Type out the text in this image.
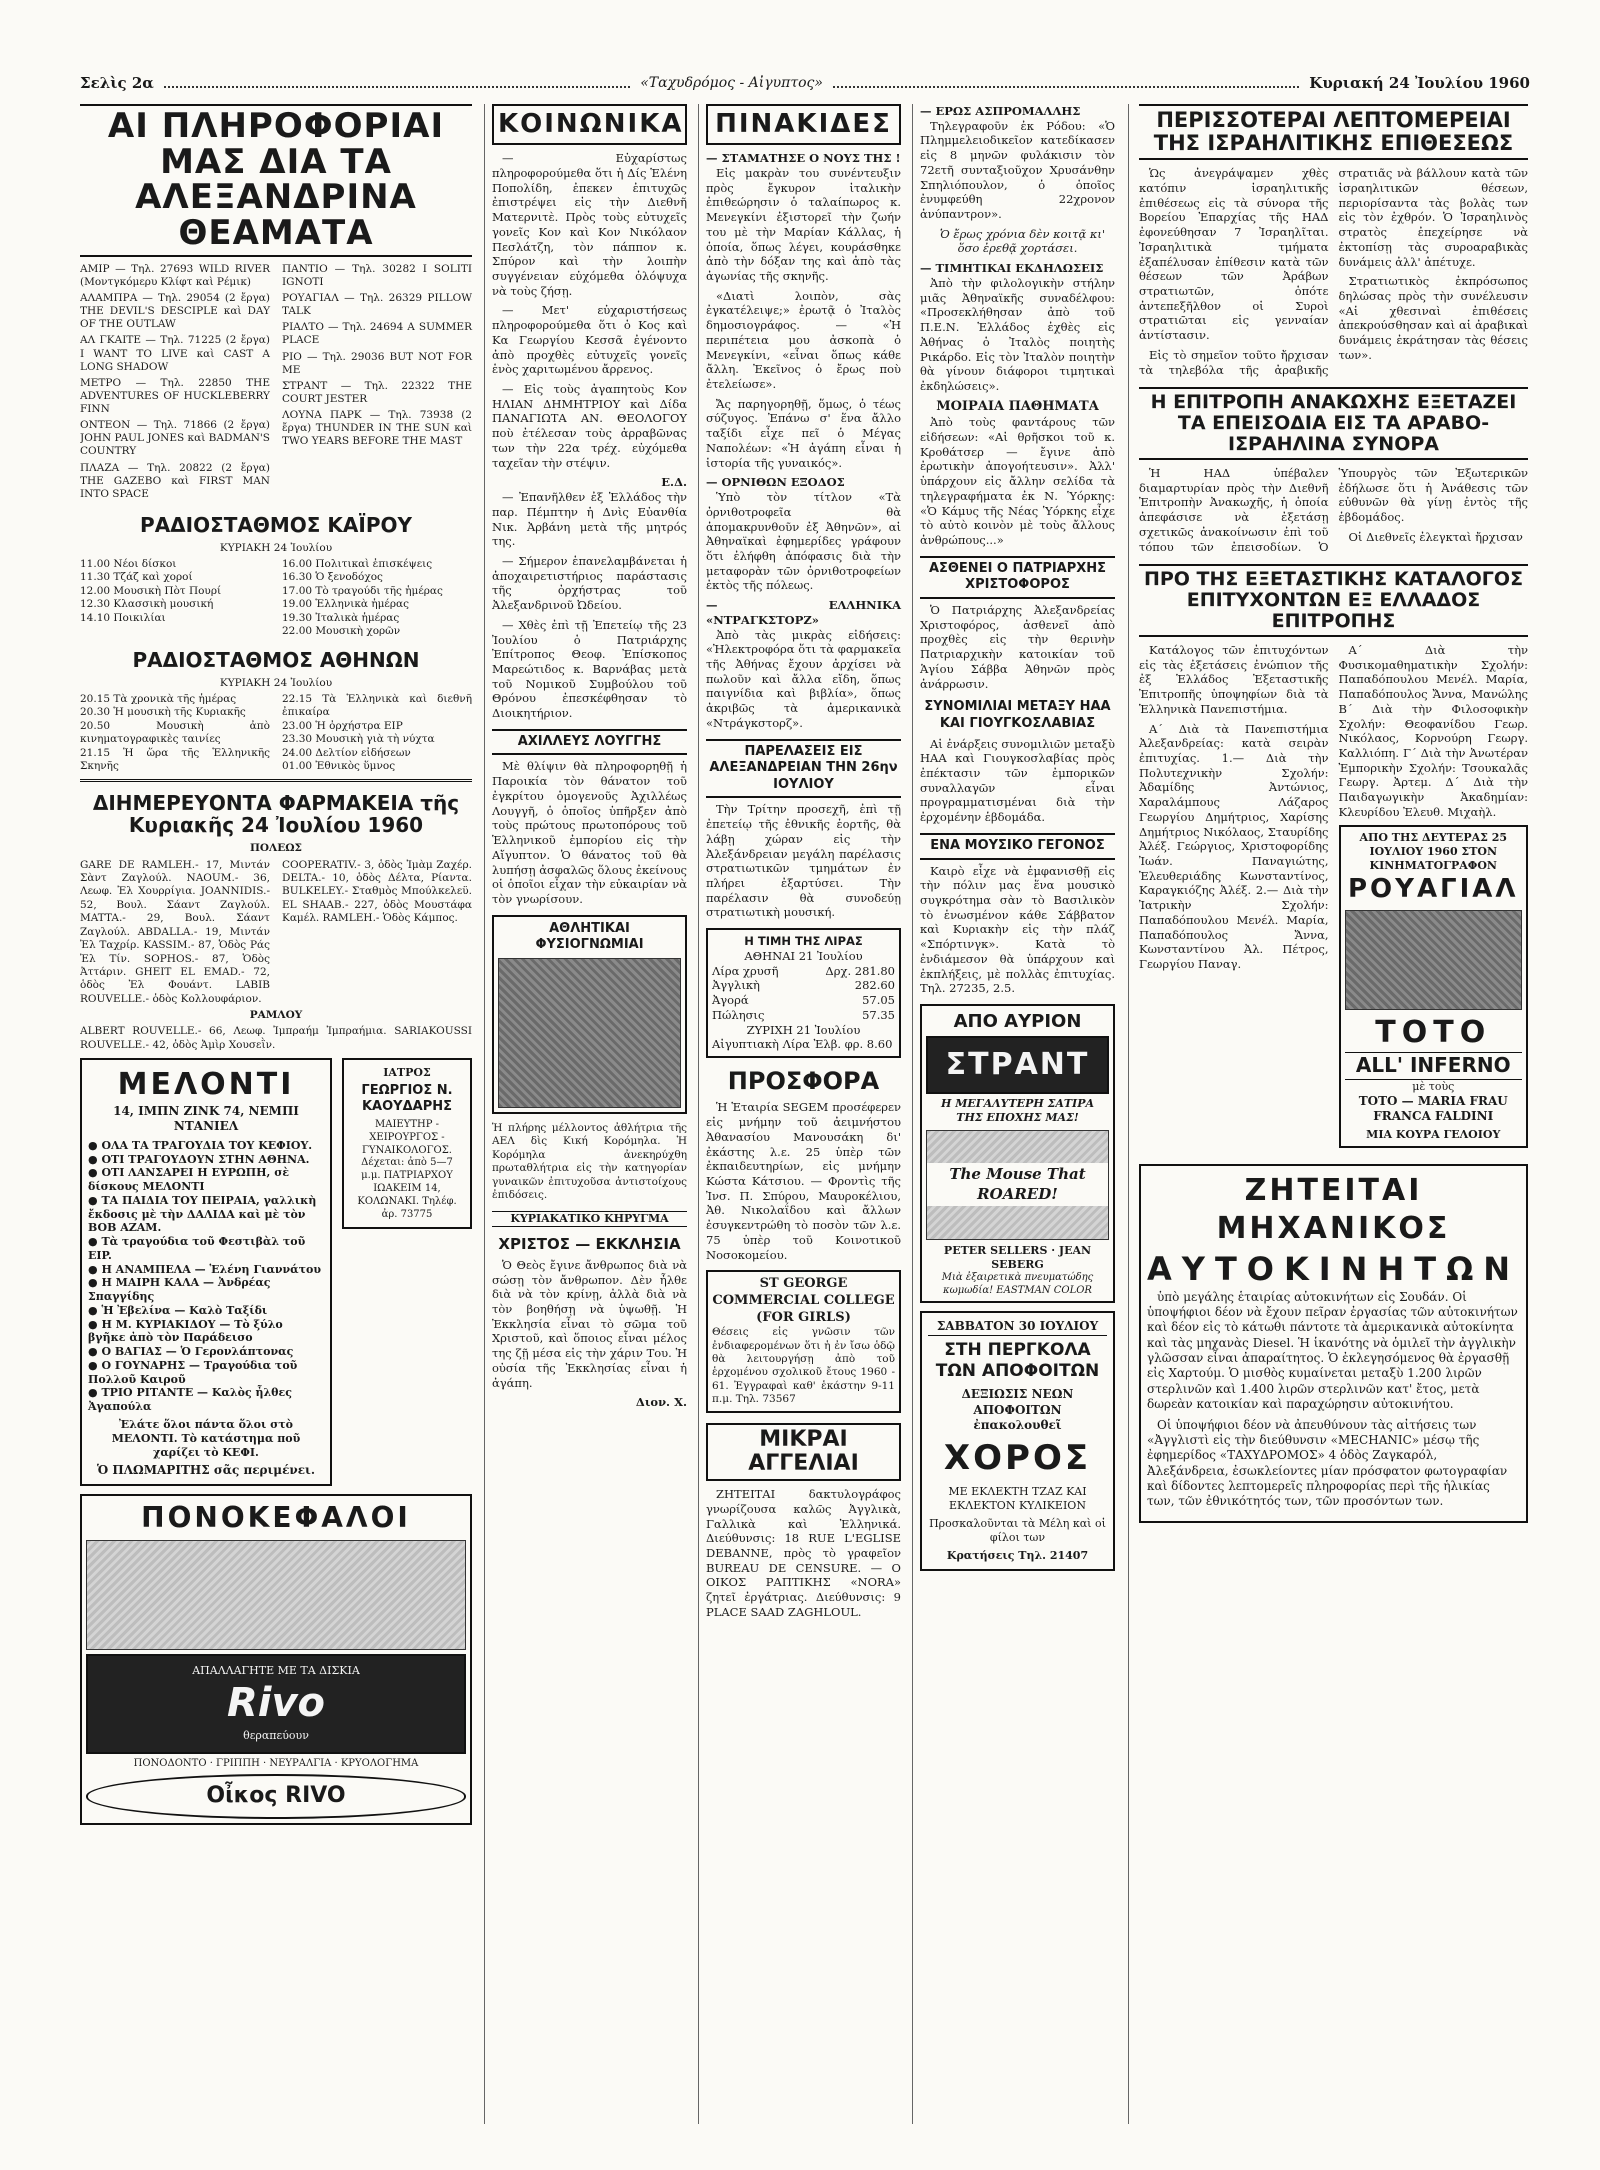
Σελὶς 2α	«Ταχυδρόμος - Αἰγυπτος»	Κυριακή 24 Ἰουλίου 1960
ΑΙ ΠΛΗΡΟΦΟΡΙΑΙ ΜΑΣ ΔΙΑ ΤΑ ΑΛΕΞΑΝΔΡΙΝΑ ΘΕΑΜΑΤΑ
ΑΜΙΡ — Τηλ. 27693 WILD RIVER (Μοντγκόμερυ Κλίφτ καὶ Ρέμικ)
ΑΛΑΜΠΡΑ — Τηλ. 29054 (2 ἔργα) THE DEVIL'S DESCIPLE καὶ DAY OF THE OUTLAW
ΑΛ ΓΚΑΙΤΕ — Τηλ. 71225 (2 ἔργα) I WANT TO LIVE καὶ CAST A LONG SHADOW
ΜΕΤΡΟ — Τηλ. 22850 THE ADVENTURES OF HUCKLEBERRY FINN
ΟΝΤΕΟΝ — Τηλ. 71866 (2 ἔργα) JOHN PAUL JONES καὶ BADMAN'S COUNTRY
ΠΛΑΖΑ — Τηλ. 20822 (2 ἔργα) THE GAZEBO καὶ FIRST MAN INTO SPACE
ΠΑΝΤΙΟ — Τηλ. 30282 I SOLITI IGNOTI
ΡΟΥΑΓΙΑΛ — Τηλ. 26329 PILLOW TALK
ΡΙΑΛΤΟ — Τηλ. 24694 A SUMMER PLACE
ΡΙΟ — Τηλ. 29036 BUT NOT FOR ME
ΣΤΡΑΝΤ — Τηλ. 22322 THE COURT JESTER
ΛΟΥΝΑ ΠΑΡΚ — Τηλ. 73938 (2 ἔργα) THUNDER IN THE SUN καὶ TWO YEARS BEFORE THE MAST
ΡΑΔΙΟΣΤΑΘΜΟΣ ΚΑΪΡΟΥ
ΚΥΡΙΑΚΗ 24 Ἰουλίου
11.00 Νέοι δίσκοι
11.30 Τζάζ καὶ χοροί
12.00 Μουσικὴ Πὸτ Πουρί
12.30 Κλασσικὴ μουσική
14.10 Ποικιλίαι
16.00 Πολιτικαὶ ἐπισκέψεις
16.30 Ὁ ξενοδόχος
17.00 Τὸ τραγούδι τῆς ἡμέρας
19.00 Ἑλληνικὰ ἡμέρας
19.30 Ἰταλικὰ ἡμέρας
22.00 Μουσικὴ χορῶν
ΡΑΔΙΟΣΤΑΘΜΟΣ ΑΘΗΝΩΝ
ΚΥΡΙΑΚΗ 24 Ἰουλίου
20.15 Τὰ χρονικὰ τῆς ἡμέρας
20.30 Ἡ μουσικὴ τῆς Κυριακῆς
20.50 Μουσικὴ ἀπὸ κινηματογραφικὲς ταινίες
21.15 Ἡ ὥρα τῆς Ἑλληνικῆς Σκηνῆς
22.15 Τὰ Ἑλληνικὰ καὶ διεθνῆ ἐπικαίρα
23.00 Ἡ ὀρχήστρα EIP
23.30 Μουσικὴ γιὰ τὴ νύχτα
24.00 Δελτίον εἰδήσεων
01.00 Ἐθνικὸς ὕμνος
ΔΙΗΜΕΡΕΥΟΝΤΑ ΦΑΡΜΑΚΕΙΑ τῆς Κυριακῆς 24 Ἰουλίου 1960
ΠΟΛΕΩΣ
GARE DE RAMLEH.- 17, Μιντάν Σὰντ Ζαγλούλ. NAOUM.- 36, Λεωφ. Ἐλ Χουρρίγια. JOANNIDIS.- 52, Βουλ. Σάαντ Ζαγλούλ. MATTA.- 29, Βουλ. Σάαντ Ζαγλούλ. ABDALLA.- 19, Μιντάν Ἐλ Ταχρίρ. KASSIM.- 87, Ὁδὸς Ράς Ἐλ Τίν. SOPHOS.- 87, Ὁδὸς Ἀττάριν. GHEIT EL EMAD.- 72, ὁδὸς Ἐλ Φουάντ. LABIB ROUVELLE.- ὁδὸς Κολλουφάριον.
COOPERATIV.- 3, ὁδὸς Ἰμὰμ Ζαχέρ. DELTA.- 10, ὁδὸς Δέλτα, Ρίαντα. BULKELEY.- Σταθμὸς Μπούλκελεϋ. EL SHAAB.- 227, ὁδὸς Μουστάφα Καμέλ. RAMLEH.- Ὁδὸς Κάμπος.
ΡΑΜΛΟΥ
ALBERT ROUVELLE.- 66, Λεωφ. Ἰμπραήμ Ἰμπραήμια. SARIAKOUSSI ROUVELLE.- 42, ὁδὸς Ἀμὶρ Χουσεῒν.
ΜΕΛΟΝΤΙ
14, ΙΜΠΝ ΖΙΝΚ 74, ΝΕΜΠΙ ΝΤΑΝΙΕΛ
● ΟΛΑ ΤΑ ΤΡΑΓΟΥΔΙΑ ΤΟΥ ΚΕΦΙΟΥ.
● ΟΤΙ ΤΡΑΓΟΥΔΟΥΝ ΣΤΗΝ ΑΘΗΝΑ.
● ΟΤΙ ΛΑΝΣΑΡΕΙ Η ΕΥΡΩΠΗ, σὲ δίσκους ΜΕΛΟΝΤΙ
● ΤΑ ΠΑΙΔΙΑ ΤΟΥ ΠΕΙΡΑΙΑ, γαλλικὴ ἔκδοσις μὲ τὴν ΔΑΛΙΔΑ καὶ μὲ τὸν BOB AZAM.
● Τὰ τραγούδια τοῦ Φεστιβὰλ τοῦ EIP.
● Η ΑΝΑΜΠΕΛΑ — Ἑλένη Γιαννάτου
● Η ΜΑΙΡΗ ΚΑΛΑ — Ἀνδρέας Σπαγγίδης
● Ἡ Ἐβελίνα — Καλὸ Ταξίδι
● Η Μ. ΚΥΡΙΑΚΙΔΟΥ — Τὸ ξύλο βγῆκε ἀπὸ τὸν Παράδεισο
● Ο ΒΑΓΙΑΣ — Ὁ Γερονλάπτονας
● Ο ΓΟΥΝΑΡΗΣ — Τραγούδια τοῦ Πολλοῦ Καιροῦ
● ΤΡΙΟ ΡΙΤΑΝΤΕ — Καλὸς ἦλθες Ἀγαπούλα
Ἐλάτε ὅλοι πάντα ὅλοι στὸ ΜΕΛΟΝΤΙ. Τὸ κατάστημα ποῦ χαρίζει τὸ ΚΕΦΙ.
Ὁ ΠΛΩΜΑΡΙΤΗΣ σᾶς περιμένει.
ΙΑΤΡΟΣ
ΓΕΩΡΓΙΟΣ Ν. ΚΑΟΥΔΑΡΗΣ
ΜΑΙΕΥΤΗΡ - ΧΕΙΡΟΥΡΓΟΣ - ΓΥΝΑΙΚΟΛΟΓΟΣ. Δέχεται: ἀπὸ 5—7 μ.μ. ΠΑΤΡΙΑΡΧΟΥ ΙΩΑΚΕΙΜ 14, ΚΟΛΩΝΑΚΙ. Τηλέφ. ἀρ. 73775
ΠΟΝΟΚΕΦΑΛΟΙ
ΑΠΑΛΛΑΓΗΤΕ ΜΕ ΤΑ ΔΙΣΚΙΑ
Rivo
θεραπεύουν
ΠΟΝΟΔΟΝΤΟ · ΓΡΙΠΠΗ · ΝΕΥΡΑΛΓΙΑ · ΚΡΥΟΛΟΓΗΜΑ
Οἶκος RIVO
ΚΟΙΝΩΝΙΚΑ

— Εὐχαρίστως πληροφορούμεθα ὅτι ἡ Δίς Ἑλένη Ποπολίδη, ἐπεκεν ἐπιτυχῶς ἐπιστρέψει εἰς τὴν Διεθνῆ Ματερνιτὲ. Πρὸς τοὺς εὐτυχεῖς γονεῖς Κον καὶ Κον Νικόλαον Πεσλάτζη, τὸν πάππον κ. Σπύρον καὶ τὴν λοιπὴν συγγένειαν εὐχόμεθα ὁλόψυχα νὰ τοὺς ζήσῃ.

— Μετ' εὐχαριστήσεως πληροφορούμεθα ὅτι ὁ Κος καὶ Κα Γεωργίου Κεσσᾶ ἐγένοντο ἀπὸ προχθὲς εὐτυχεῖς γονεῖς ἑνὸς χαριτωμένου ἄρρενος.

— Εἰς τοὺς ἀγαπητοὺς Κον ΗΛΙΑΝ ΔΗΜΗΤΡΙΟΥ καὶ Δίδα ΠΑΝΑΓΙΩΤΑ ΑΝ. ΘΕΟΛΟΓΟΥ ποὺ ἐτέλεσαν τοὺς ἀρραβῶνας των τὴν 22α τρέχ. εὐχόμεθα ταχεῖαν τὴν στέψιν.

Ε.Δ.

— Ἐπανῆλθεν ἐξ Ἑλλάδος τὴν παρ. Πέμπτην ἡ Δνὶς Εὐανθία Νικ. Ἀρβάνη μετὰ τῆς μητρός της.

— Σήμερον ἑπανελαμβάνεται ἡ ἀποχαιρετιστήριος παράστασις τῆς ὀρχήστρας τοῦ Ἀλεξανδρινοῦ Ὠδείου.

— Χθὲς ἐπὶ τῇ Ἐπετείῳ τῆς 23 Ἰουλίου ὁ Πατριάρχης Ἐπίτροπος Θεοφ. Ἐπίσκοπος Μαρεώτιδος κ. Βαρνάβας μετὰ τοῦ Νομικοῦ Συμβούλου τοῦ Θρόνου ἐπεσκέφθησαν τὸ Διοικητήριον.

ΑΧΙΛΛΕΥΣ ΛΟΥΓΓΗΣ

Μὲ θλίψιν θὰ πληροφορηθῇ ἡ Παροικία τὸν θάνατον τοῦ ἐγκρίτου ὁμογενοῦς Ἀχιλλέως Λουγγῆ, ὁ ὁποῖος ὑπῆρξεν ἀπὸ τοὺς πρώτους πρωτοπόρους τοῦ Ἑλληνικοῦ ἐμπορίου εἰς τὴν Αἴγυπτον. Ὁ θάνατος τοῦ θὰ λυπήσῃ ἀσφαλῶς ὅλους ἐκείνους οἱ ὁποῖοι εἶχαν τὴν εὐκαιρίαν νὰ τὸν γνωρίσουν.

ΑΘΛΗΤΙΚΑΙ ΦΥΣΙΟΓΝΩΜΙΑΙ
Ἡ πλήρης μέλλοντος ἀθλήτρια τῆς ΑΕΛ δὶς Κική Κορόμηλα. Ἡ Κορόμηλα ἀνεκηρύχθη πρωταθλήτρια εἰς τὴν κατηγορίαν γυναικῶν ἐπιτυχοῦσα ἀντιστοίχους ἐπιδόσεις.
ΚΥΡΙΑΚΑΤΙΚΟ ΚΗΡΥΓΜΑ
ΧΡΙΣΤΟΣ — ΕΚΚΛΗΣΙΑ

Ὁ Θεὸς ἔγινε ἄνθρωπος διὰ νὰ σώσῃ τὸν ἄνθρωπον. Δὲν ἦλθε διὰ νὰ τὸν κρίνῃ, ἀλλὰ διὰ νὰ τὸν βοηθήσῃ νὰ ὑψωθῇ. Ἡ Ἐκκλησία εἶναι τὸ σῶμα τοῦ Χριστοῦ, καὶ ὅποιος εἶναι μέλος της ζῇ μέσα εἰς τὴν χάριν Του. Ἡ οὐσία τῆς Ἐκκλησίας εἶναι ἡ ἀγάπη.

Διον. Χ.
ΠΙΝΑΚΙΔΕΣ
— ΣΤΑΜΑΤΗΣΕ Ο ΝΟΥΣ ΤΗΣ !

Εἰς μακρὰν του συνέντευξιν πρὸς ἔγκυρον ἰταλικὴν ἐπιθεώρησιν ὁ ταλαίπωρος κ. Μενεγκίνι ἐξιστορεῖ τὴν ζωήν του μὲ τὴν Μαρίαν Κάλλας, ἡ ὁποία, ὅπως λέγει, κουράσθηκε ἀπὸ τὴν δόξαν της καὶ ἀπὸ τὰς ἀγωνίας τῆς σκηνῆς.

«Διατὶ λοιπὸν, σὰς ἐγκατέλειψε;» ἐρωτᾷ ὁ Ἰταλὸς δημοσιογράφος. — «Ἡ περιπέτεια μου ἀσκοπὰ ὁ Μενεγκίνι, «εἶναι ὅπως κάθε ἄλλη. Ἐκεῖνος ὁ ἔρως ποὺ ἐτελείωσε».

Ἄς παρηγορηθῇ, ὅμως, ὁ τέως σύζυγος. Ἐπάνω σ' ἕνα ἄλλο ταξίδι εἶχε πεῖ ὁ Μέγας Ναπολέων: «Ἡ ἀγάπη εἶναι ἡ ἱστορία τῆς γυναικός».

— ΟΡΝΙΘΩΝ ΕΞΟΔΟΣ

Ὑπὸ τὸν τίτλον «Τὰ ὀρνιθοτροφεῖα θὰ ἀπομακρυνθοῦν ἐξ Ἀθηνῶν», αἱ Ἀθηναϊκαὶ ἐφημερίδες γράφουν ὅτι ἐλήφθη ἀπόφασις διὰ τὴν μεταφορὰν τῶν ὀρνιθοτροφείων ἐκτὸς τῆς πόλεως.

— ΕΛΛΗΝΙΚΑ «ΝΤΡΑΓΚΣΤΟΡΖ»

Ἀπὸ τὰς μικρὰς εἰδήσεις: «Ἠλεκτροφόρα ὅτι τὰ φαρμακεῖα τῆς Ἀθήνας ἔχουν ἀρχίσει νὰ πωλοῦν καὶ ἄλλα εἴδη, ὅπως παιγνίδια καὶ βιβλία», ὅπως ἀκριβῶς τὰ ἀμερικανικὰ «Ντράγκστορζ».

ΠΑΡΕΛΑΣΕΙΣ ΕΙΣ ΑΛΕΞΑΝΔΡΕΙΑΝ ΤΗΝ 26ην ΙΟΥΛΙΟΥ

Τὴν Τρίτην προσεχῆ, ἐπὶ τῇ ἐπετείῳ τῆς ἐθνικῆς ἑορτῆς, θὰ λάβῃ χώραν εἰς τὴν Ἀλεξάνδρειαν μεγάλη παρέλασις στρατιωτικῶν τμημάτων ἐν πλήρει ἐξαρτύσει. Τὴν παρέλασιν θὰ συνοδεύῃ στρατιωτικὴ μουσική.

Η ΤΙΜΗ ΤΗΣ ΛΙΡΑΣ
ΑΘΗΝΑΙ 21 Ἰουλίου
Λίρα χρυσῆ	Δρχ. 281.80
Ἀγγλικὴ	282.60
Ἀγορά	57.05
Πώλησις	57.35
ΖΥΡΙΧΗ 21 Ἰουλίου
Αἰγυπτιακὴ Λίρα Ἐλβ. φρ. 8.60
ΠΡΟΣΦΟΡΑ

Ἡ Ἑταιρία SEGEM προσέφερεν εἰς μνήμην τοῦ ἀειμνήστου Ἀθανασίου Μανουσάκη δι' ἐκάστης λ.ε. 25 ὑπὲρ τῶν ἐκπαιδευτηρίων, εἰς μνήμην Κώστα Κάτσιου. — Φροντὶς τῆς Ἰνσ. Π. Σπύρου, Μαυροκέλιου, Ἀθ. Νικολαΐδου καὶ ἄλλων ἐσυγκεντρώθη τὸ ποσὸν τῶν λ.ε. 75 ὑπὲρ τοῦ Κοινοτικοῦ Νοσοκομείου.

ST GEORGE COMMERCIAL COLLEGE (FOR GIRLS)
Θέσεις εἰς γνῶσιν τῶν ἐνδιαφερομένων ὅτι ἡ ἐν ἴσω ὁδῷ θὰ λειτουργήσῃ ἀπὸ τοῦ ἑρχομένου σχολικοῦ ἔτους 1960 - 61. Ἐγγραφαὶ καθ' ἑκάστην 9-11 π.μ. Τηλ. 73567
ΜΙΚΡΑΙ ΑΓΓΕΛΙΑΙ

ΖΗΤΕΙΤΑΙ δακτυλογράφος γνωρίζουσα καλῶς Ἀγγλικὰ, Γαλλικὰ καὶ Ἑλληνικά. Διεύθυνσις: 18 RUE L'EGLISE DEBANNE, πρὸς τὸ γραφεῖον BUREAU DE CENSURE. — Ο ΟΙΚΟΣ ΡΑΠΤΙΚΗΣ «ΝΟRA» ζητεῖ ἐργάτριας. Διεύθυνσις: 9 PLACE SAAD ZAGHLOUL.

— ΕΡΩΣ ΑΣΠΡΟΜΑΛΛΗΣ

Τηλεγραφοῦν ἐκ Ρόδου: «Ὁ Πλημμελειοδικεῖον κατεδίκασεν εἰς 8 μηνῶν φυλάκισιν τὸν 72ετῆ συνταξιοῦχον Χρυσάνθην Σπηλιόπουλον, ὁ ὁποῖος ἐνυμφεύθη 22χρονον ἀνύπαντρον».

Ὁ ἔρως χρόνια δὲν κοιτᾷ κι' ὅσο ἐρεθᾷ χορτάσει.

— ΤΙΜΗΤΙΚΑΙ ΕΚΔΗΛΩΣΕΙΣ

Ἀπὸ τὴν φιλολογικὴν στήλην μιᾶς Ἀθηναϊκῆς συναδέλφου: «Προσεκλήθησαν ἀπὸ τοῦ Π.Ε.Ν. Ἑλλάδος ἐχθὲς εἰς Ἀθήνας ὁ Ἰταλὸς ποιητὴς Ρικάρδο. Εἰς τὸν Ἰταλὸν ποιητὴν θὰ γίνουν διάφοροι τιμητικαὶ ἐκδηλώσεις».

ΜΟΙΡΑΙΑ ΠΑΘΗΜΑΤΑ

Ἀπὸ τοὺς φαντάρους τῶν εἰδήσεων: «Αἱ θρῆσκοι τοῦ κ. Κροθάτσερ — ἔγινε ἀπὸ ἐρωτικὴν ἀπογοήτευσιν». Ἀλλ' ὑπάρχουν εἰς ἄλλην σελίδα τὰ τηλεγραφήματα ἐκ Ν. Ὑόρκης: «Ὁ Κάμυς τῆς Νέας Ὑόρκης εἶχε τὸ αὐτὸ κοινὸν μὲ τοὺς ἄλλους ἀνθρώπους...»

ΑΣΘΕΝΕΙ Ο ΠΑΤΡΙΑΡΧΗΣ ΧΡΙΣΤΟΦΟΡΟΣ

Ὁ Πατριάρχης Ἀλεξανδρείας Χριστοφόρος, ἀσθενεῖ ἀπὸ προχθὲς εἰς τὴν θερινὴν Πατριαρχικὴν κατοικίαν τοῦ Ἁγίου Σάββα Ἀθηνῶν πρὸς ἀνάρρωσιν.

ΣΥΝΟΜΙΛΙΑΙ ΜΕΤΑΞΥ ΗΑΑ ΚΑΙ ΓΙΟΥΓΚΟΣΛΑΒΙΑΣ

Αἱ ἐνάρξεις συνομιλιῶν μεταξὺ ΗΑΑ καὶ Γιουγκοσλαβίας πρὸς ἐπέκτασιν τῶν ἐμπορικῶν συναλλαγῶν εἶναι προγραμματισμέναι διὰ τὴν ἐρχομένην ἑβδομάδα.

ΕΝΑ ΜΟΥΣΙΚΟ ΓΕΓΟΝΟΣ

Καιρὸ εἶχε νὰ ἐμφανισθῇ εἰς τὴν πόλιν μας ἕνα μουσικὸ συγκρότημα σὰν τὸ Βασιλικὸν τὸ ἑνωσμένον κάθε Σάββατον καὶ Κυριακὴν εἰς τὴν πλάζ «Σπόρτινγκ». Κατὰ τὸ ἐνδιάμεσον θὰ ὑπάρχουν καὶ ἐκπλήξεις, μὲ πολλὰς ἐπιτυχίας. Τηλ. 27235, 2.5.

ΑΠΟ ΑΥΡΙΟΝ
ΣΤΡΑΝΤ
Η ΜΕΓΑΛΥΤΕΡΗ ΣΑΤΙΡΑ ΤΗΣ ΕΠΟΧΗΣ ΜΑΣ!
The Mouse That ROARED!
PETER SELLERS · JEAN SEBERG
Μιὰ ἐξαιρετικὰ πνευματώδης κωμωδία! EASTMAN COLOR
ΣΑΒΒΑΤΟΝ 30 ΙΟΥΛΙΟΥ
ΣΤΗ ΠΕΡΓΚΟΛΑ ΤΩΝ ΑΠΟΦΟΙΤΩΝ
ΔΕΞΙΩΣΙΣ ΝΕΩΝ ΑΠΟΦΟΙΤΩΝ ἐπακολουθεῖ
ΧΟΡΟΣ
ΜΕ ΕΚΛΕΚΤΗ ΤΖΑΖ ΚΑΙ ΕΚΛΕΚΤΟΝ ΚΥΛΙΚΕΙΟΝ
Προσκαλοῦνται τὰ Μέλη καὶ οἱ φίλοι των
Κρατήσεις Τηλ. 21407
ΠΕΡΙΣΣΟΤΕΡΑΙ ΛΕΠΤΟΜΕΡΕΙΑΙ ΤΗΣ ΙΣΡΑΗΛΙΤΙΚΗΣ ΕΠΙΘΕΣΕΩΣ

Ὡς ἀνεγράψαμεν χθὲς κατόπιν ἰσραηλιτικῆς ἐπιθέσεως εἰς τὰ σύνορα τῆς Βορείου Ἐπαρχίας τῆς ΗΑΔ ἐφονεύθησαν 7 Ἰσραηλῖται. Ἰσραηλιτικὰ τμήματα ἐξαπέλυσαν ἐπίθεσιν κατὰ τῶν θέσεων τῶν Ἀράβων στρατιωτῶν, ὁπότε ἀντεπεξῆλθον οἱ Συροὶ στρατιῶται εἰς γενναίαν ἀντίστασιν.

Εἰς τὸ σημεῖον τοῦτο ἤρχισαν τὰ τηλεβόλα τῆς ἀραβικῆς στρατιᾶς νὰ βάλλουν κατὰ τῶν ἰσραηλιτικῶν θέσεων, περιορίσαντα τὰς βολὰς των εἰς τὸν ἐχθρόν. Ὁ Ἰσραηλινὸς στρατὸς ἐπεχείρησε νὰ ἐκτοπίσῃ τὰς συροαραβικὰς δυνάμεις ἀλλ' ἀπέτυχε.

Στρατιωτικὸς ἐκπρόσωπος δηλώσας πρὸς τὴν συνέλευσιν «Αἱ χθεσιναὶ ἐπιθέσεις ἀπεκρούσθησαν καὶ αἱ ἀραβικαὶ δυνάμεις ἐκράτησαν τὰς θέσεις των».

Η ΕΠΙΤΡΟΠΗ ΑΝΑΚΩΧΗΣ ΕΞΕΤΑΖΕΙ ΤΑ ΕΠΕΙΣΟΔΙΑ ΕΙΣ ΤΑ ΑΡΑΒΟ-ΙΣΡΑΗΛΙΝΑ ΣΥΝΟΡΑ

Ἡ ΗΑΔ ὑπέβαλεν διαμαρτυρίαν πρὸς τὴν Διεθνῆ Ἐπιτροπὴν Ἀνακωχῆς, ἡ ὁποία ἀπεφάσισε νὰ ἐξετάσῃ σχετικῶς ἀνακοίνωσιν ἐπὶ τοῦ τόπου τῶν ἐπεισοδίων. Ὁ Ὑπουργὸς τῶν Ἐξωτερικῶν ἐδήλωσε ὅτι ἡ Ἀνάθεσις τῶν εὐθυνῶν θὰ γίνῃ ἐντὸς τῆς ἑβδομάδος.

Οἱ Διεθνεῖς ἐλεγκταὶ ἤρχισαν

ΠΡΟ ΤΗΣ ΕΞΕΤΑΣΤΙΚΗΣ ΚΑΤΑΛΟΓΟΣ ΕΠΙΤΥΧΟΝΤΩΝ ΕΞ ΕΛΛΑΔΟΣ ΕΠΙΤΡΟΠΗΣ

Κατάλογος τῶν ἐπιτυχόντων εἰς τὰς ἐξετάσεις ἐνώπιον τῆς ἐξ Ἑλλάδος Ἐξεταστικῆς Ἐπιτροπῆς ὑποψηφίων διὰ τὰ Ἑλληνικὰ Πανεπιστήμια.

Α΄ Διὰ τὰ Πανεπιστήμια Ἀλεξανδρείας: κατὰ σειρὰν ἐπιτυχίας. 1.— Διὰ τὴν Πολυτεχνικὴν Σχολήν: Ἀδαμίδης Ἀντώνιος, Χαραλάμπους Λάζαρος Γεωργίου Δημήτριος, Χαρίσης Δημήτριος Νικόλαος, Σταυρίδης Ἀλέξ. Γεώργιος, Χριστοφορίδης Ἰωάν. Παναγιώτης, Ἐλευθεριάδης Κωνσταντίνος, Καραγκιόζης Ἀλέξ. 2.— Διὰ τὴν Ἰατρικὴν Σχολήν: Παπαδόπουλου Μενέλ. Μαρία, Παπαδόπουλος Ἄννα, Κωνσταντίνου Ἀλ. Πέτρος, Γεωργίου Παναγ.

Α΄ Διὰ τὴν Φυσικομαθηματικὴν Σχολήν: Παπαδόπουλου Μενέλ. Μαρία, Παπαδόπουλος Ἄννα, Μανώλης Β΄ Διὰ τὴν Φιλοσοφικὴν Σχολήν: Θεοφανίδου Γεωρ. Νικόλαος, Κορνούρη Γεωργ. Καλλιόπη. Γ΄ Διὰ τὴν Ἀνωτέραν Ἐμπορικὴν Σχολήν: Τσουκαλᾶς Γεωργ. Ἀρτεμ. Δ΄ Διὰ τὴν Παιδαγωγικὴν Ἀκαδημίαν: Κλευρίδου Ἐλευθ. Μιχαὴλ.

ΑΠΟ ΤΗΣ ΔΕΥΤΕΡΑΣ 25 ΙΟΥΛΙΟΥ 1960 ΣΤΟΝ ΚΙΝΗΜΑΤΟΓΡΑΦΟΝ
ΡΟΥΑΓΙΑΛ
ΤΟΤΟ
ALL' INFERNO
μὲ τοὺς
ΤΟΤΟ — MARIA FRAU FRANCA FALDINI
ΜΙΑ ΚΟΥΡΑ ΓΕΛΟΙΟΥ
ΖΗΤΕΙΤΑΙ ΜΗΧΑΝΙΚΟΣ
ΑΥΤΟΚΙΝΗΤΩΝ

ὑπὸ μεγάλης ἑταιρίας αὐτοκινήτων εἰς Σουδάν. Οἱ ὑποψήφιοι δέον νὰ ἔχουν πεῖραν ἐργασίας τῶν αὐτοκινήτων καὶ δέον εἰς τὸ κάτωθι πάντοτε τὰ ἀμερικανικὰ αὐτοκίνητα καὶ τὰς μηχανὰς Diesel. Ἡ ἱκανότης νὰ ὁμιλεῖ τὴν ἀγγλικὴν γλῶσσαν εἶναι ἀπαραίτητος. Ὁ ἐκλεγησόμενος θὰ ἐργασθῇ εἰς Χαρτούμ. Ὁ μισθὸς κυμαίνεται μεταξὺ 1.200 λιρῶν στερλινῶν καὶ 1.400 λιρῶν στερλινῶν κατ' ἔτος, μετὰ δωρεὰν κατοικίαν καὶ παραχώρησιν αὐτοκινήτου.

Οἱ ὑποψήφιοι δέον νὰ ἀπευθύνουν τὰς αἰτήσεις των «Ἀγγλιστὶ εἰς τὴν διεύθυνσιν «MECHANIC» μέσῳ τῆς ἐφημερίδος «ΤΑΧΥΔΡΟΜΟΣ» 4 ὁδὸς Ζαγκαρόλ, Ἀλεξάνδρεια, ἐσωκλείοντες μίαν πρόσφατον φωτογραφίαν καὶ δίδοντες λεπτομερεῖς πληροφορίας περὶ τῆς ἡλικίας των, τῶν ἐθνικότητός των, τῶν προσόντων των.
